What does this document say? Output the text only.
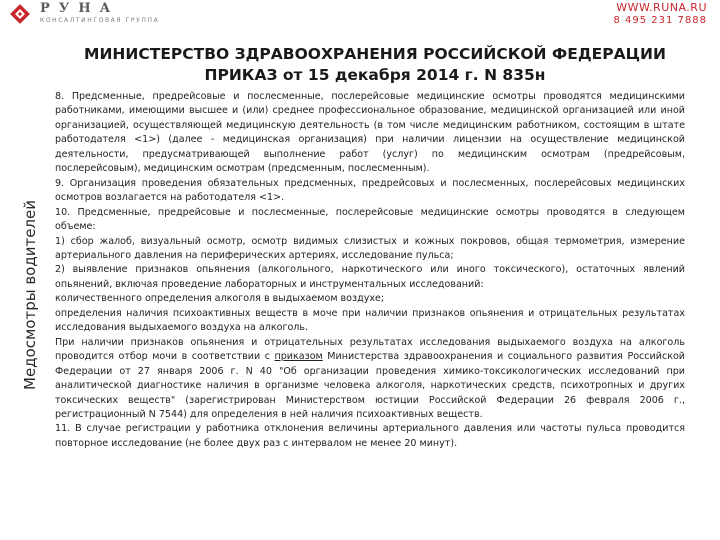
РУНА
КОНСАЛТИНГОВАЯ ГРУППА
WWW.RUNA.RU
8 495 231 7888
Медосмотры водителей
МИНИСТЕРСТВО ЗДРАВООХРАНЕНИЯ РОССИЙСКОЙ ФЕДЕРАЦИИ
ПРИКАЗ от 15 декабря 2014 г. N 835н

8. Предсменные, предрейсовые и послесменные, послерейсовые медицинские осмотры проводятся медицинскими работниками, имеющими высшее и (или) среднее профессиональное образование, медицинской организацией или иной организацией, осуществляющей медицинскую деятельность (в том числе медицинским работником, состоящим в штате работодателя <1>) (далее - медицинская организация) при наличии лицензии на осуществление медицинской деятельности, предусматривающей выполнение работ (услуг) по медицинским осмотрам (предрейсовым, послерейсовым), медицинским осмотрам (предсменным, послесменным).

9. Организация проведения обязательных предсменных, предрейсовых и послесменных, послерейсовых медицинских осмотров возлагается на работодателя <1>.

10. Предсменные, предрейсовые и послесменные, послерейсовые медицинские осмотры проводятся в следующем объеме:

1) сбор жалоб, визуальный осмотр, осмотр видимых слизистых и кожных покровов, общая термометрия, измерение артериального давления на периферических артериях, исследование пульса;

2) выявление признаков опьянения (алкогольного, наркотического или иного токсического), остаточных явлений опьянений, включая проведение лабораторных и инструментальных исследований:

количественного определения алкоголя в выдыхаемом воздухе;

определения наличия психоактивных веществ в моче при наличии признаков опьянения и отрицательных результатах исследования выдыхаемого воздуха на алкоголь.

При наличии признаков опьянения и отрицательных результатах исследования выдыхаемого воздуха на алкоголь проводится отбор мочи в соответствии с приказом Министерства здравоохранения и социального развития Российской Федерации от 27 января 2006 г. N 40 "Об организации проведения химико-токсикологических исследований при аналитической диагностике наличия в организме человека алкоголя, наркотических средств, психотропных и других токсических веществ" (зарегистрирован Министерством юстиции Российской Федерации 26 февраля 2006 г., регистрационный N 7544) для определения в ней наличия психоактивных веществ.

11. В случае регистрации у работника отклонения величины артериального давления или частоты пульса проводится повторное исследование (не более двух раз с интервалом не менее 20 минут).
